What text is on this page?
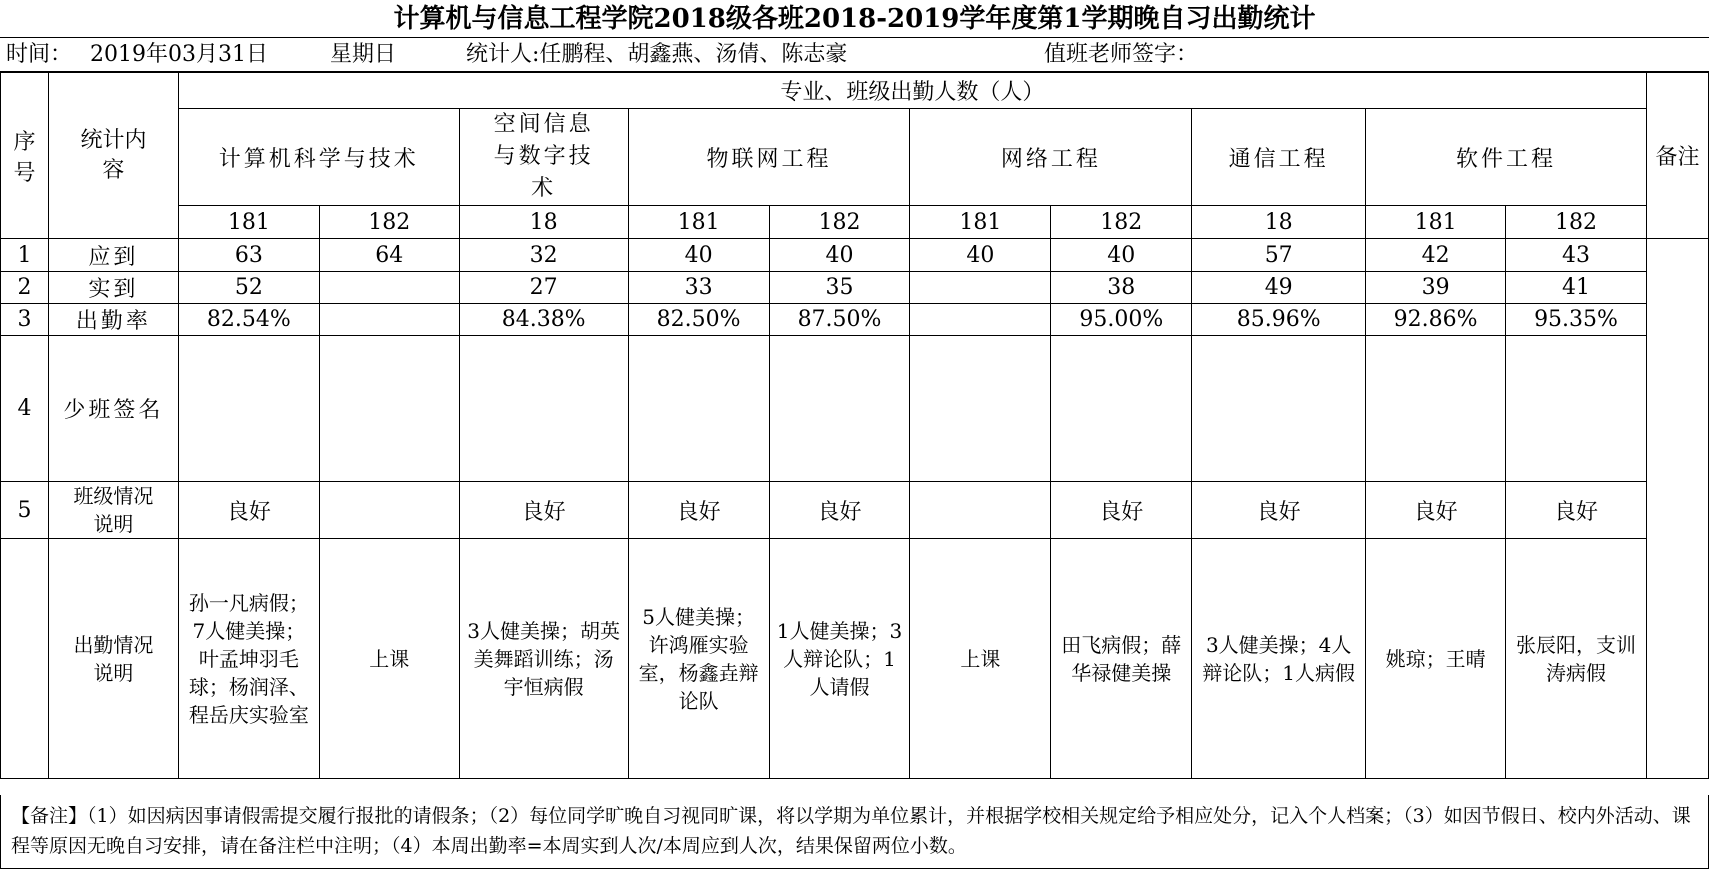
计算机与信息工程学院2018级各班2018-2019学年度第1学期晚自习出勤统计
时间： 2019年03月31日	星期日	统计人:任鹏程、胡鑫燕、汤倩、陈志豪	值班老师签字：
序号	统计内容	专业、班级出勤人数（人）										备注
		计算机科学与技术		空间信息与数字技术	物联网工程		网络工程		通信工程	软件工程		
		181	182	18	181	182	181	182	18	181	182	
1	应到	63	64	32	40	40	40	40	57	42	43	
2	实到	52		27	33	35		38	49	39	41	
3	出勤率	82.54%		84.38%	82.50%	87.50%		95.00%	85.96%	92.86%	95.35%	
4	少班签名											

5	班级情况说明	良好		良好	良好	良好		良好	良好	良好	良好	

	出勤情况说明	孙一凡病假；7人健美操；叶孟坤羽毛球；杨润泽、程岳庆实验室	上课	3人健美操；胡英美舞蹈训练；汤宇恒病假	5人健美操；许鸿雁实验室，杨鑫垚辩论队	1人健美操；3人辩论队；1人请假	上课	田飞病假；薛华禄健美操	3人健美操；4人辩论队；1人病假	姚琼；王晴	张辰阳，支训涛病假	
【备注】（1）如因病因事请假需提交履行报批的请假条；（2）每位同学旷晚自习视同旷课，将以学期为单位累计，并根据学校相关规定给予相应处分，记入个人档案；（3）如因节假日、校内外活动、课程等原因无晚自习安排，请在备注栏中注明；（4）本周出勤率=本周实到人次/本周应到人次，结果保留两位小数。
